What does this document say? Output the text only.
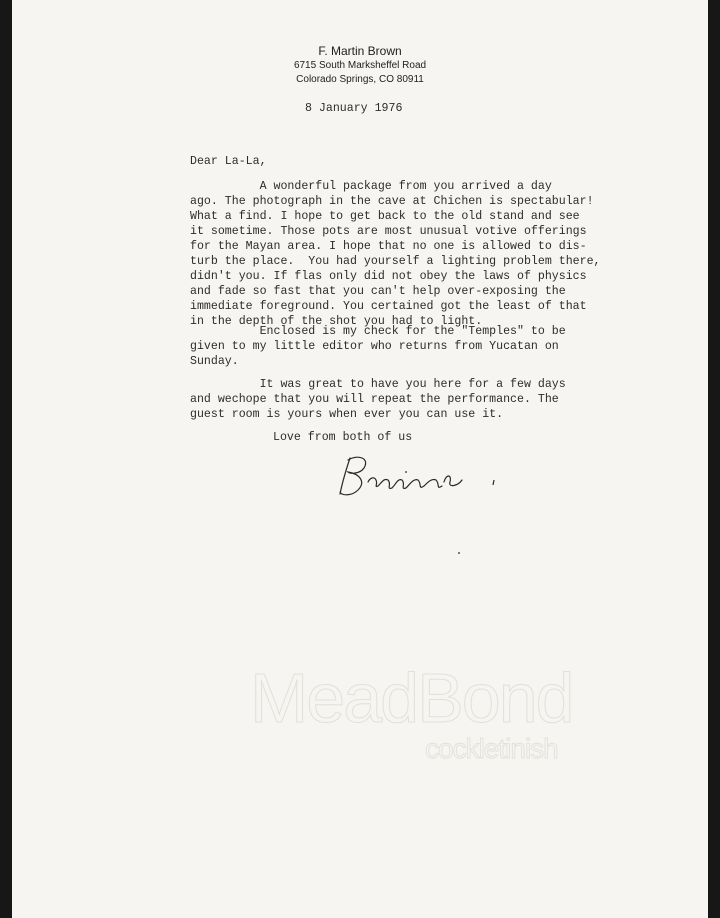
F. Martin Brown
6715 South Marksheffel Road
Colorado Springs, CO 80911
8 January 1976
Dear La-La,
A wonderful package from you arrived a day
ago. The photograph in the cave at Chichen is spectabular!
What a find. I hope to get back to the old stand and see
it sometime. Those pots are most unusual votive offerings
for the Mayan area. I hope that no one is allowed to dis-
turb the place.  You had yourself a lighting problem there,
didn't you. If flas only did not obey the laws of physics
and fade so fast that you can't help over-exposing the
immediate foreground. You certained got the least of that
in the depth of the shot you had to light.
Enclosed is my check for the "Temples" to be
given to my little editor who returns from Yucatan on
Sunday.
It was great to have you here for a few days
and wechope that you will repeat the performance. The
guest room is yours when ever you can use it.
Love from both of us
MeadBond
cockletinish
